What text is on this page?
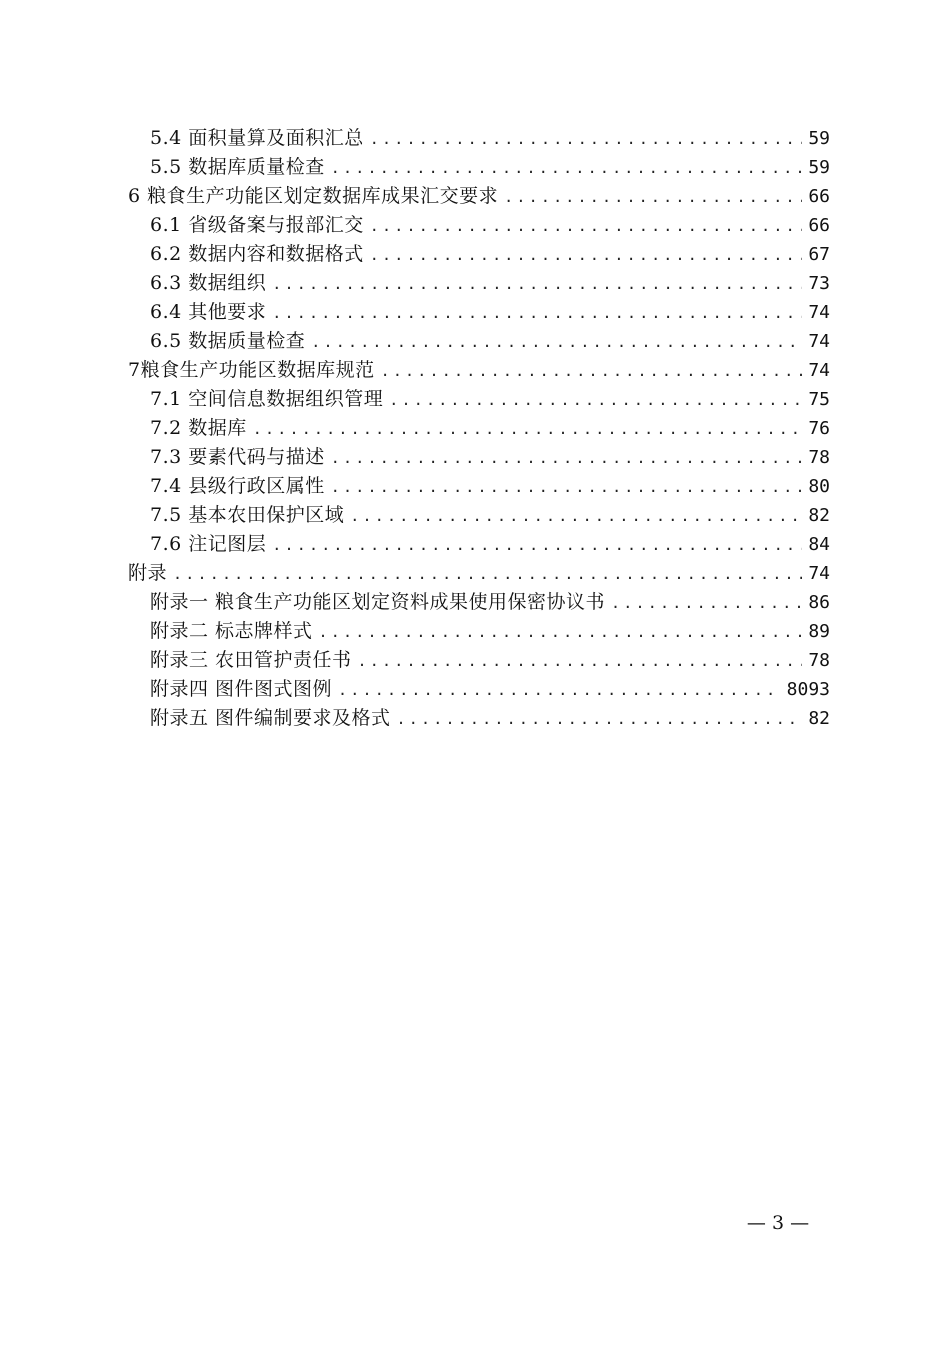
5.4 面积量算及面积汇总 .....	59
5.5 数据库质量检查 .....	59
6 粮食生产功能区划定数据库成果汇交要求 .....	66
6.1 省级备案与报部汇交 .....	66
6.2 数据内容和数据格式 .....	67
6.3 数据组织 .....	73
6.4 其他要求 .....	74
6.5 数据质量检查 .....	74
7粮食生产功能区数据库规范 .....	74
7.1 空间信息数据组织管理 .....	75
7.2 数据库 .....	76
7.3 要素代码与描述 .....	78
7.4 县级行政区属性 .....	80
7.5 基本农田保护区域 .....	82
7.6 注记图层 .....	84
附录 .....	74
附录一 粮食生产功能区划定资料成果使用保密协议书 .....	86
附录二 标志牌样式 .....	89
附录三 农田管护责任书 .....	78
附录四 图件图式图例 .....	8093
附录五 图件编制要求及格式 .....	82
— 3 —
